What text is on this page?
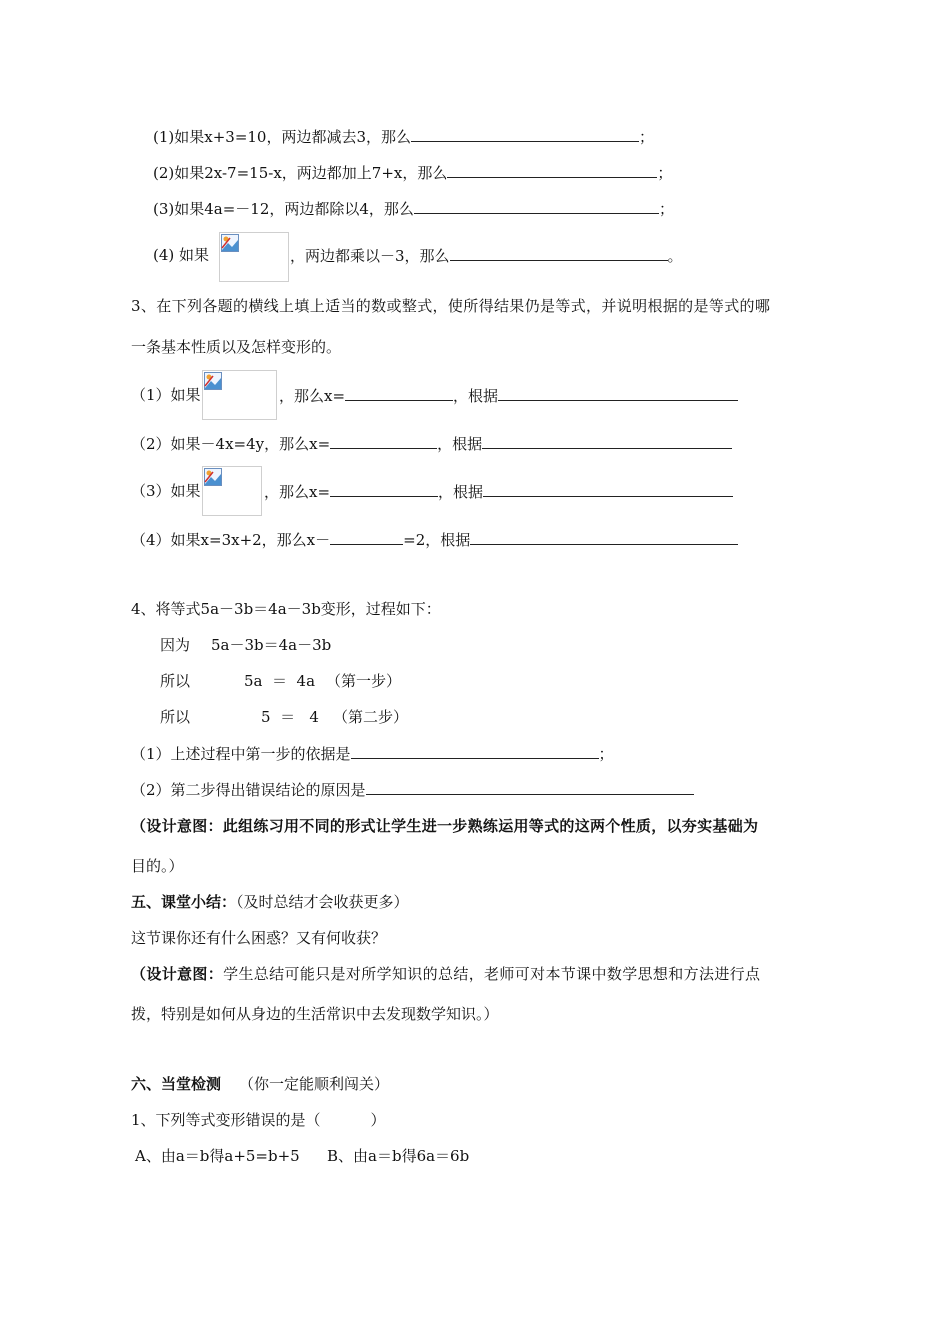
(1)如果x+3=10，两边都减去3，那么	；
(2)如果2x-7=15-x，两边都加上7+x，那么	；
(3)如果4a=－12，两边都除以4，那么	；
(4) 如果	，两边都乘以－3，那么	。
3、在下列各题的横线上填上适当的数或整式，使所得结果仍是等式，并说明根据的是等式的哪
一条基本性质以及怎样变形的。
（1）如果	，那么x=	，根据
（2）如果－4x=4y，那么x=	，根据
（3）如果	，那么x=	，根据
（4）如果x=3x+2，那么x－	=2，根据
4、将等式5a－3b＝4a－3b变形，过程如下：
因为 5a－3b＝4a－3b
所以	5a  ＝  4a （第一步）
所以	5  ＝   4 （第二步）
（1）上述过程中第一步的依据是	；
（2）第二步得出错误结论的原因是
（设计意图：此组练习用不同的形式让学生进一步熟练运用等式的这两个性质，以夯实基础为
目的。）
五、课堂小结：（及时总结才会收获更多）
这节课你还有什么困惑？又有何收获？
（设计意图：学生总结可能只是对所学知识的总结，老师可对本节课中数学思想和方法进行点
拨，特别是如何从身边的生活常识中去发现数学知识。）
六、当堂检测 （你一定能顺利闯关）
1、下列等式变形错误的是（	）
A、由a＝b得a+5=b+5 B、由a＝b得6a＝6b
